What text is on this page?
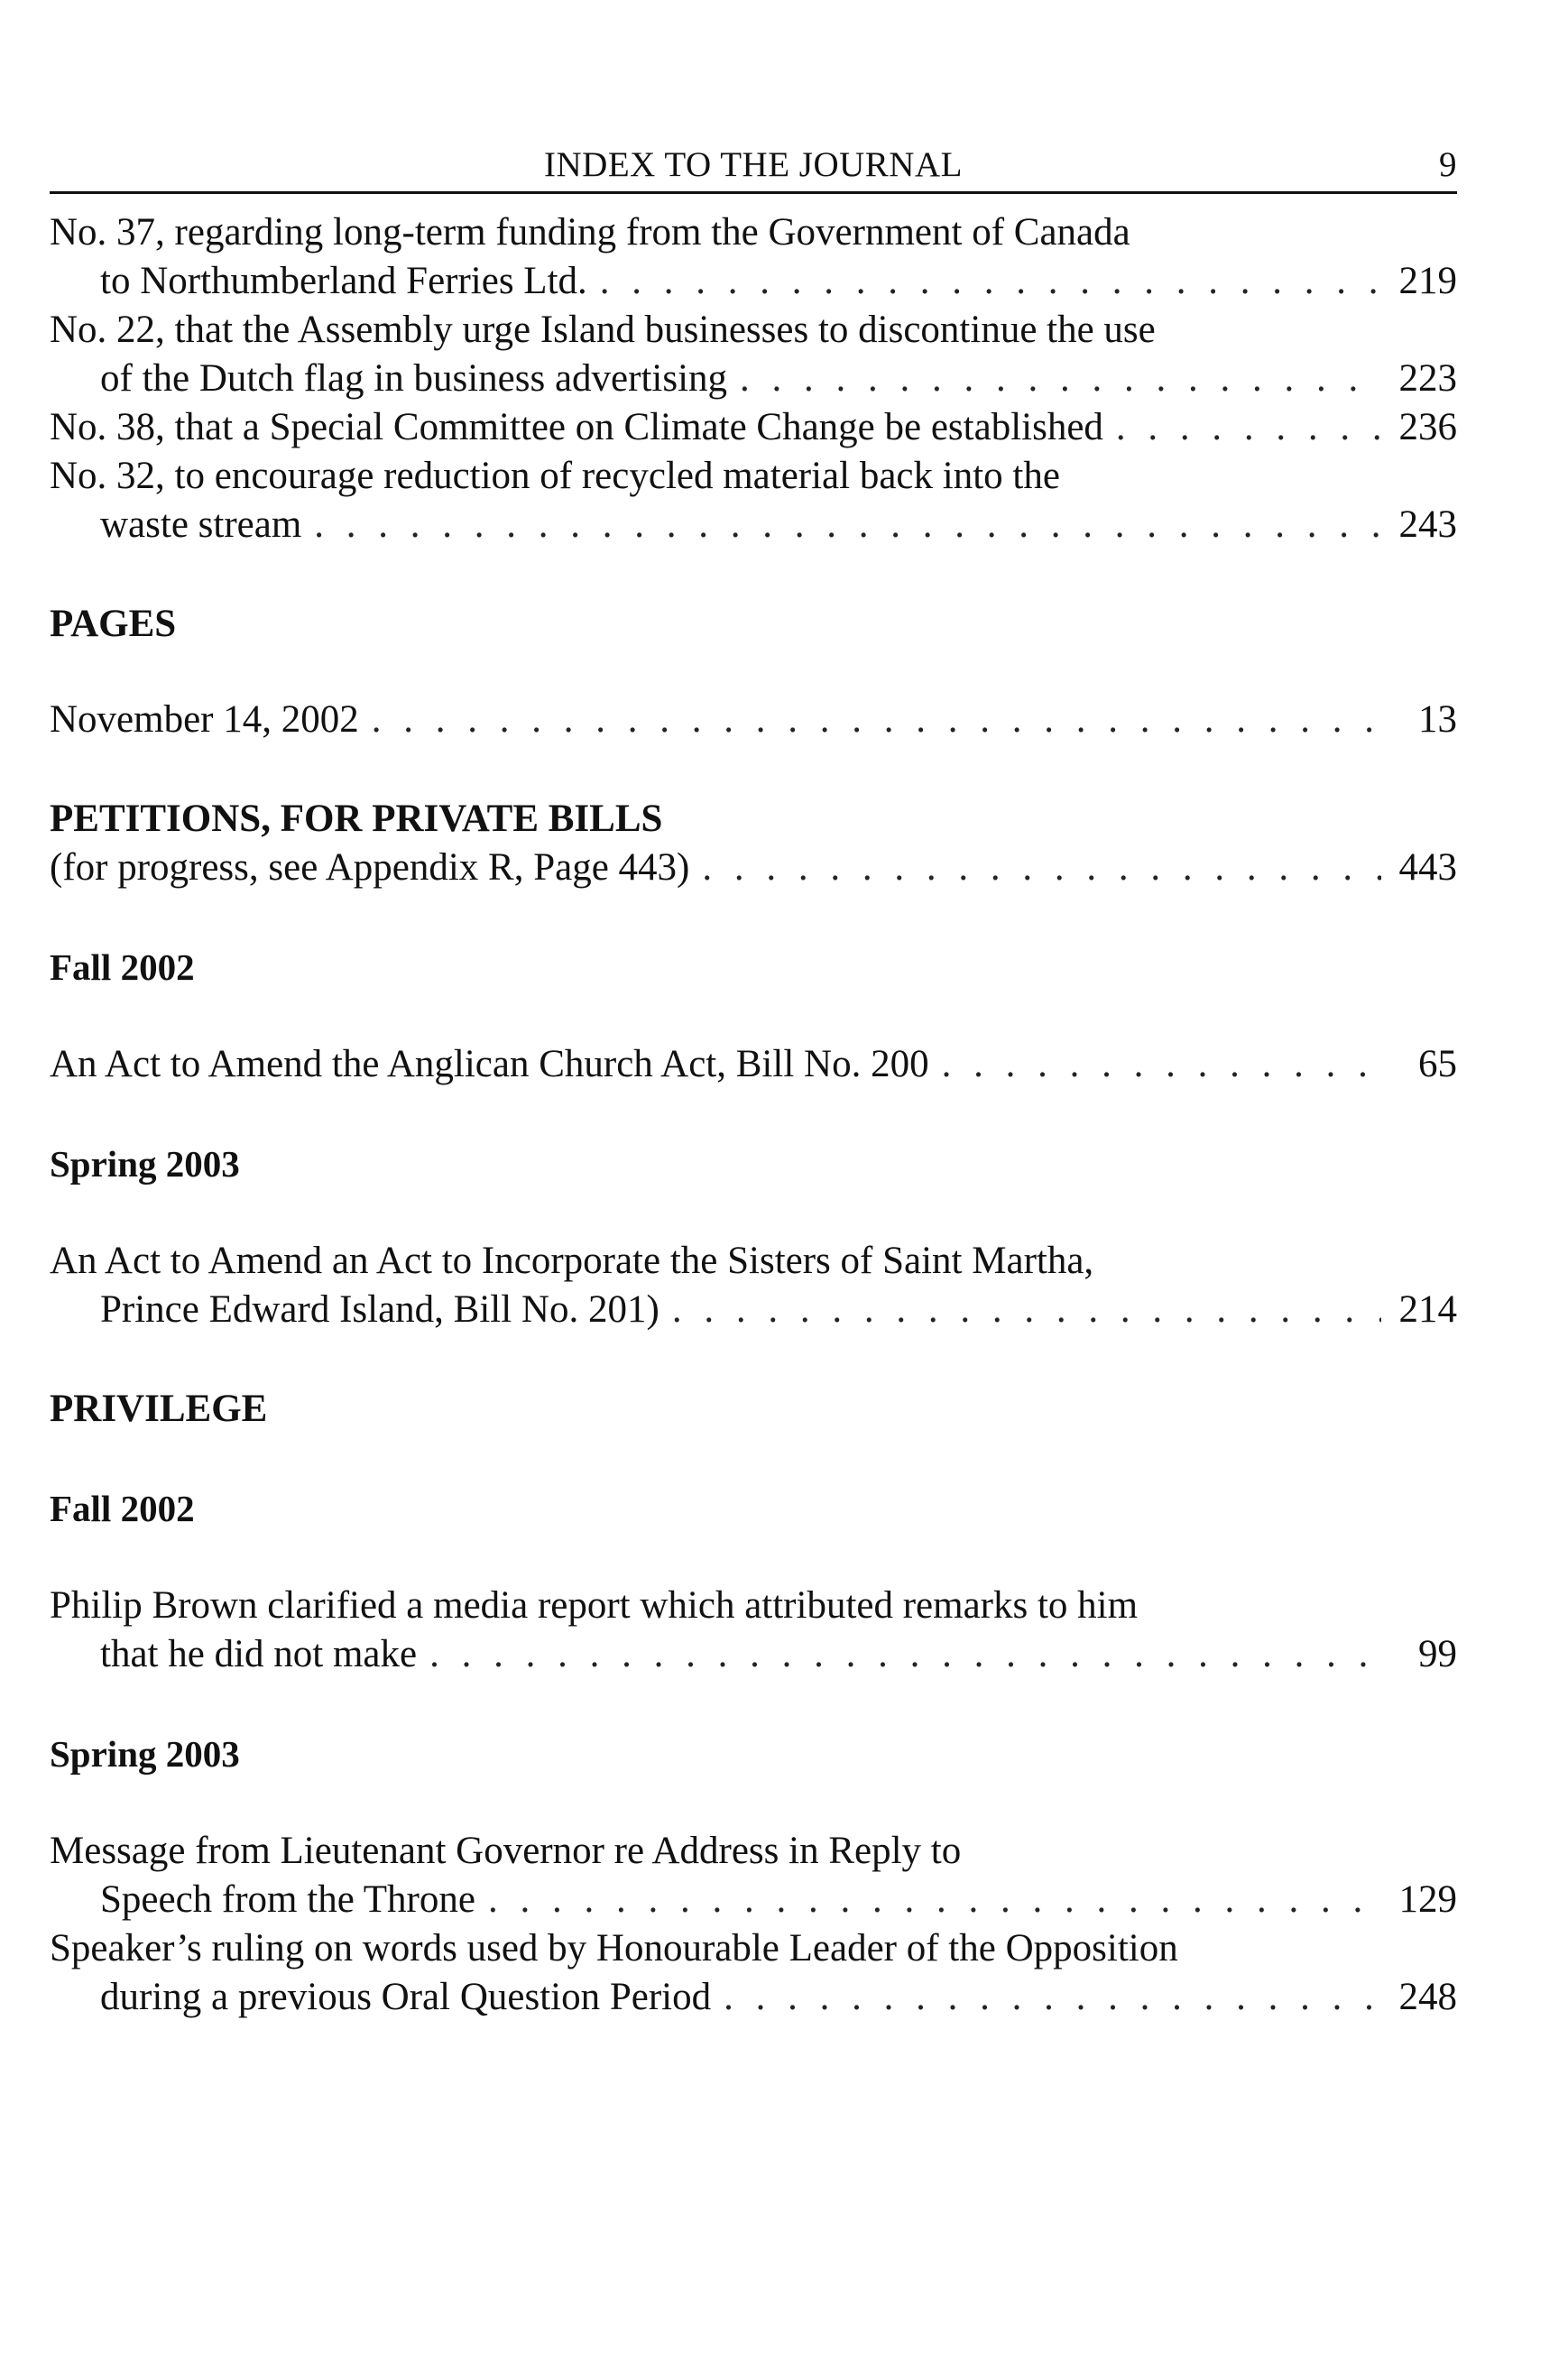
INDEX TO THE JOURNAL	9
No. 37, regarding long-term funding from the Government of Canada
to Northumberland Ferries Ltd. . . .	219
No. 22, that the Assembly urge Island businesses to discontinue the use
of the Dutch flag in business advertising . . .	223
No. 38, that a Special Committee on Climate Change be established . . .	236
No. 32, to encourage reduction of recycled material back into the
waste stream . . .	243
PAGES
November 14, 2002 . . .	13
PETITIONS, FOR PRIVATE BILLS
(for progress, see Appendix R, Page 443) . . .	443
Fall 2002
An Act to Amend the Anglican Church Act, Bill No. 200 . . .	65
Spring 2003
An Act to Amend an Act to Incorporate the Sisters of Saint Martha,
Prince Edward Island, Bill No. 201) . . .	214
PRIVILEGE
Fall 2002
Philip Brown clarified a media report which attributed remarks to him
that he did not make . . .	99
Spring 2003
Message from Lieutenant Governor re Address in Reply to
Speech from the Throne . . .	129
Speaker’s ruling on words used by Honourable Leader of the Opposition
during a previous Oral Question Period . . .	248
